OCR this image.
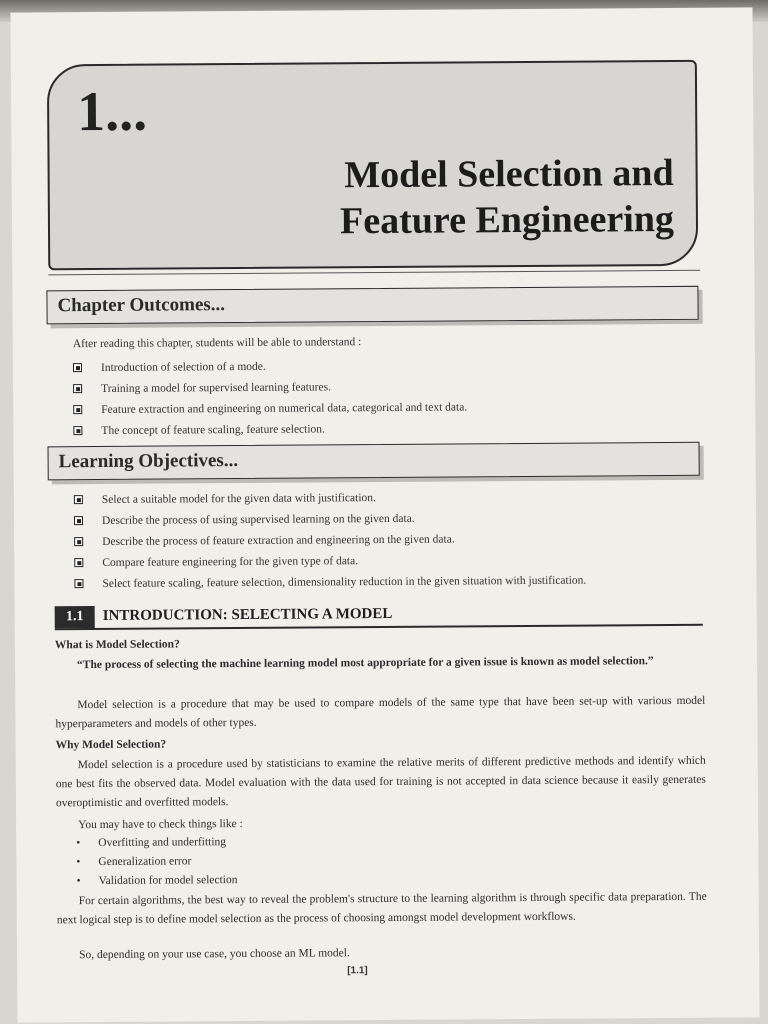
1...
Model Selection and
Feature Engineering
Chapter Outcomes...
After reading this chapter, students will be able to understand :
Introduction of selection of a mode.
Training a model for supervised learning features.
Feature extraction and engineering on numerical data, categorical and text data.
The concept of feature scaling, feature selection.
Learning Objectives...
Select a suitable model for the given data with justification.
Describe the process of using supervised learning on the given data.
Describe the process of feature extraction and engineering on the given data.
Compare feature engineering for the given type of data.
Select feature scaling, feature selection, dimensionality reduction in the given situation with justification.
1.1	INTRODUCTION: SELECTING A MODEL
What is Model Selection?
“The process of selecting the machine learning model most appropriate for a given issue is known as model selection.”
Model selection is a procedure that may be used to compare models of the same type that have been set-up with various model hyperparameters and models of other types.
Why Model Selection?
Model selection is a procedure used by statisticians to examine the relative merits of different predictive methods and identify which one best fits the observed data. Model evaluation with the data used for training is not accepted in data science because it easily generates overoptimistic and overfitted models.
You may have to check things like :
• Overfitting and underfitting
• Generalization error
• Validation for model selection
For certain algorithms, the best way to reveal the problem's structure to the learning algorithm is through specific data preparation. The next logical step is to define model selection as the process of choosing amongst model development workflows.
So, depending on your use case, you choose an ML model.
[1.1]
